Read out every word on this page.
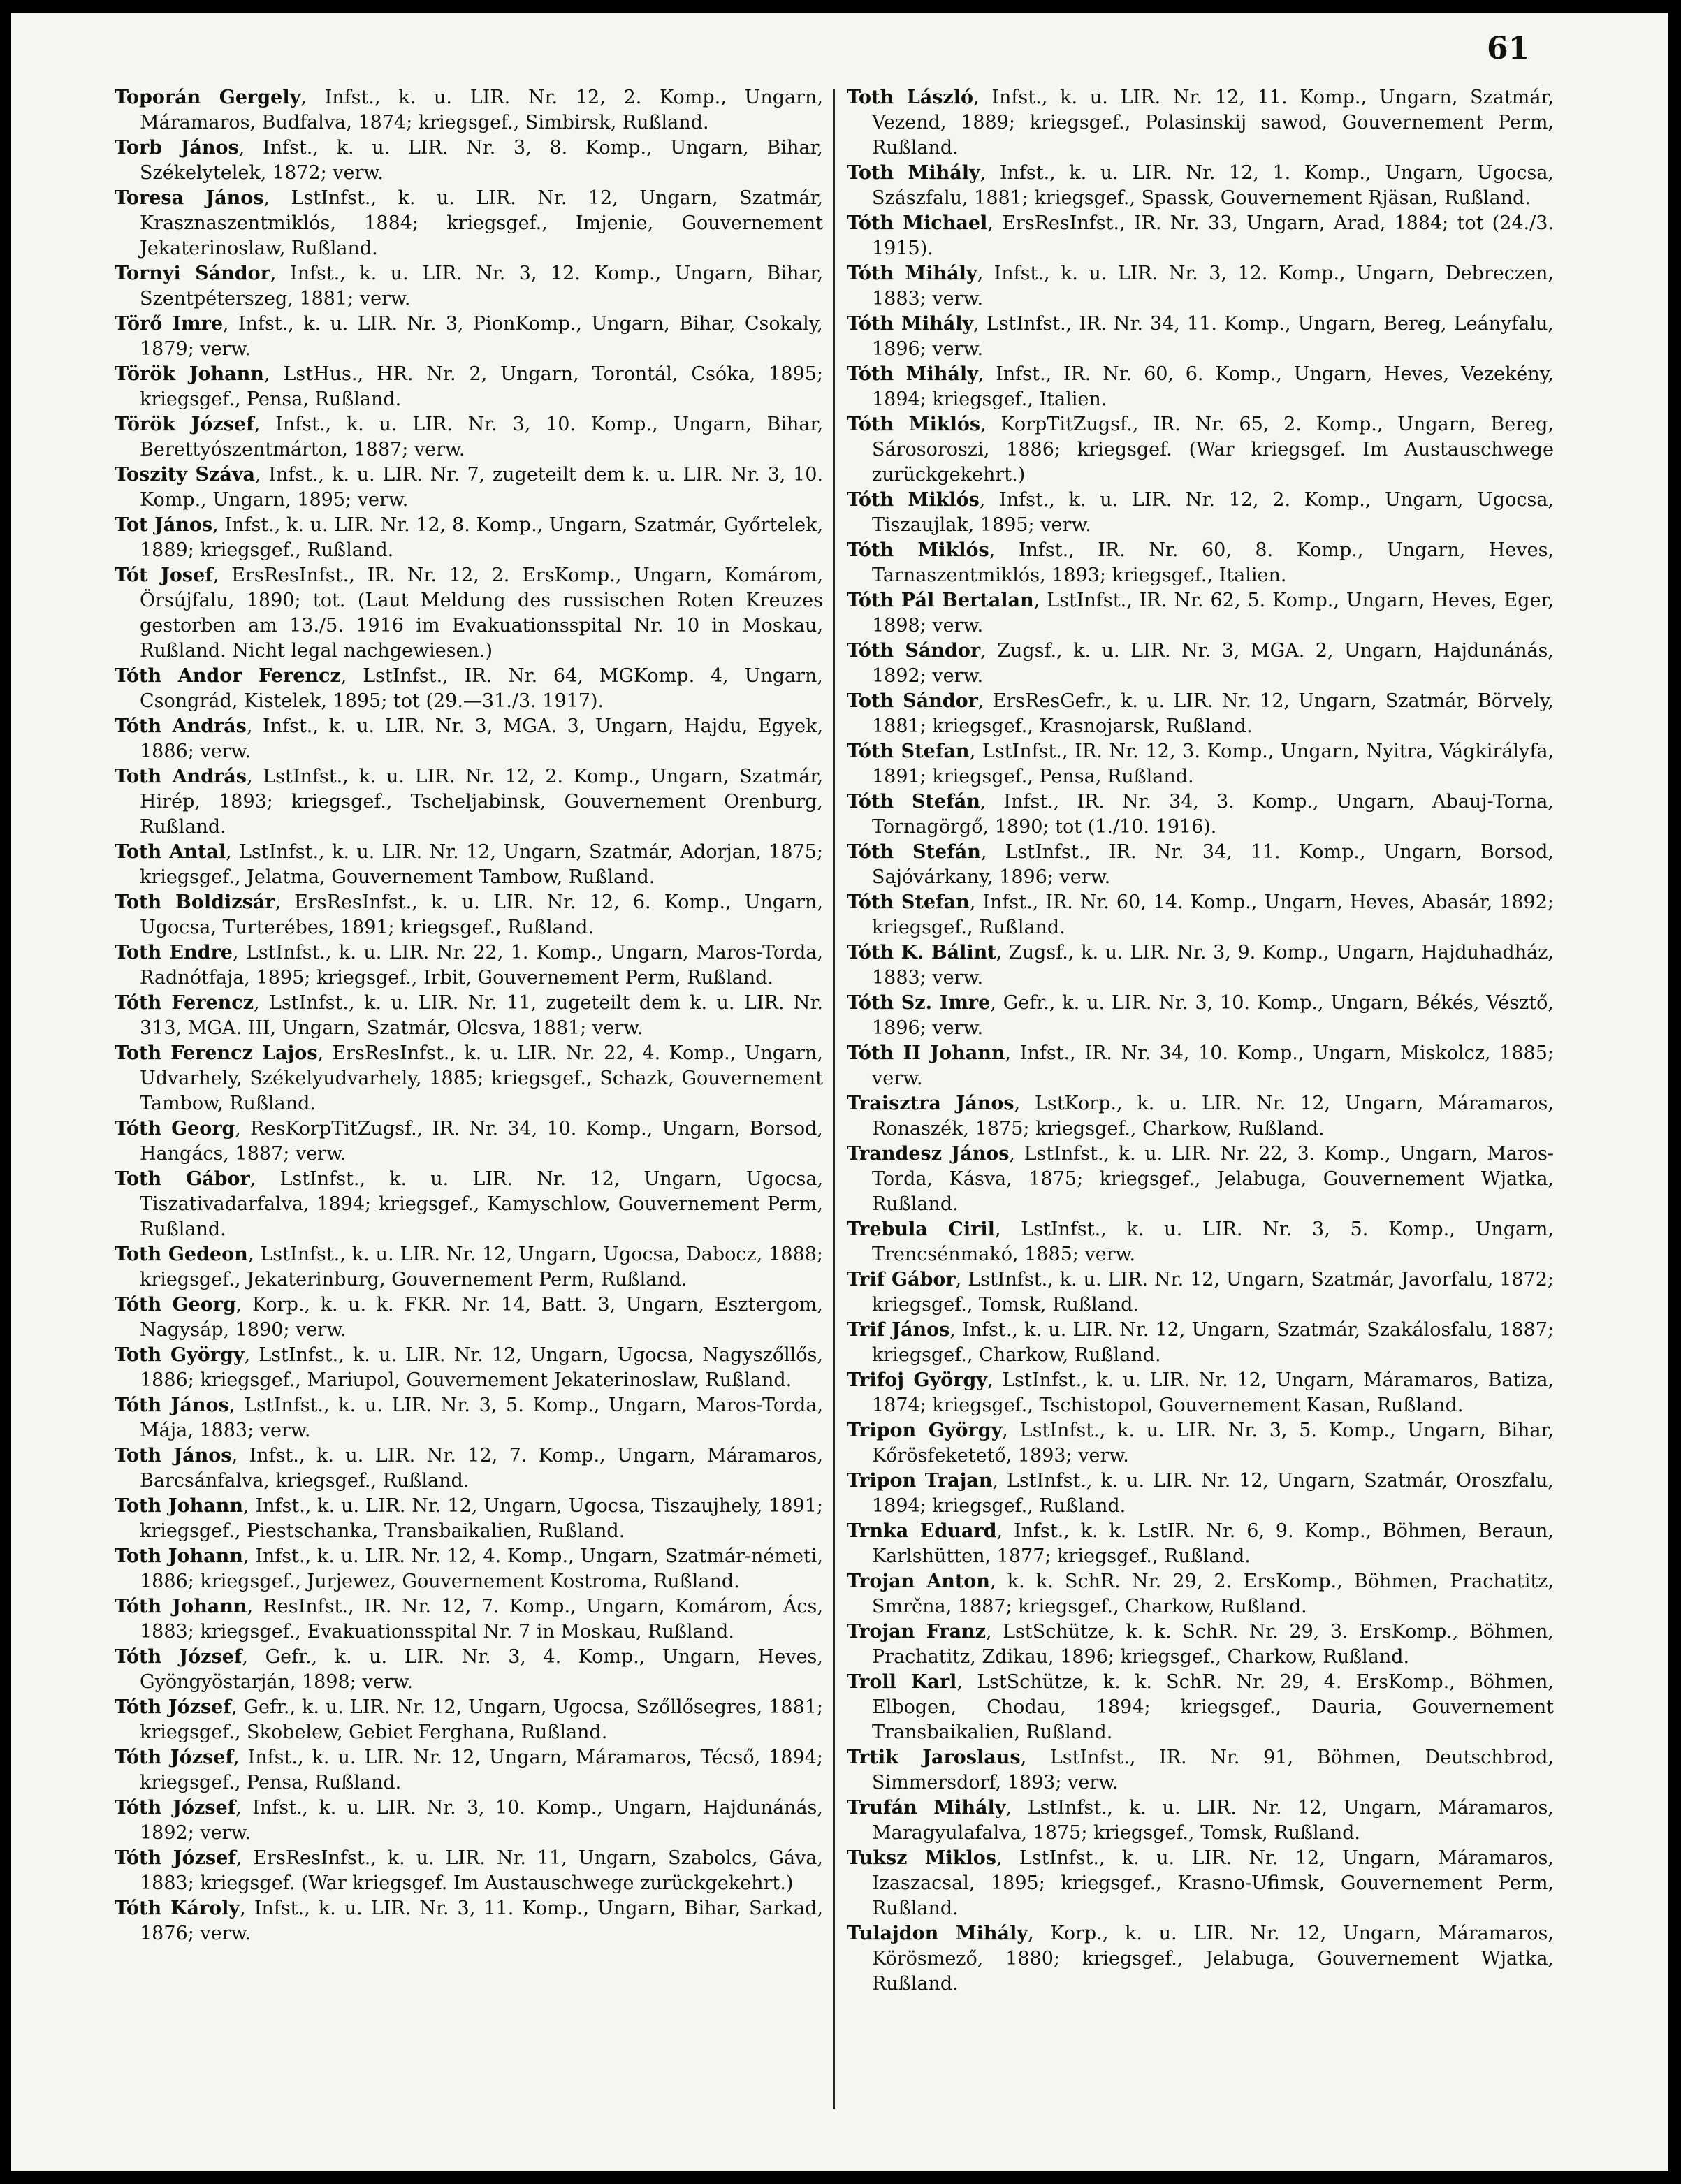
61

Toporán Gergely, Infst., k. u. LIR. Nr. 12, 2. Komp., Ungarn, Máramaros, Budfalva, 1874; kriegsgef., Simbirsk, Rußland.

Torb János, Infst., k. u. LIR. Nr. 3, 8. Komp., Ungarn, Bihar, Székelytelek, 1872; verw.

Toresa János, LstInfst., k. u. LIR. Nr. 12, Ungarn, Szatmár, Krasznaszentmiklós, 1884; kriegsgef., Imjenie, Gouvernement Jekaterinoslaw, Rußland.

Tornyi Sándor, Infst., k. u. LIR. Nr. 3, 12. Komp., Ungarn, Bihar, Szentpéterszeg, 1881; verw.

Törő Imre, Infst., k. u. LIR. Nr. 3, PionKomp., Ungarn, Bihar, Csokaly, 1879; verw.

Török Johann, LstHus., HR. Nr. 2, Ungarn, Torontál, Csóka, 1895; kriegsgef., Pensa, Rußland.

Török József, Infst., k. u. LIR. Nr. 3, 10. Komp., Ungarn, Bihar, Berettyószentmárton, 1887; verw.

Toszity Száva, Infst., k. u. LIR. Nr. 7, zugeteilt dem k. u. LIR. Nr. 3, 10. Komp., Ungarn, 1895; verw.

Tot János, Infst., k. u. LIR. Nr. 12, 8. Komp., Ungarn, Szatmár, Győrtelek, 1889; kriegsgef., Rußland.

Tót Josef, ErsResInfst., IR. Nr. 12, 2. ErsKomp., Ungarn, Komárom, Örsújfalu, 1890; tot. (Laut Meldung des russischen Roten Kreuzes gestorben am 13./5. 1916 im Evakuationsspital Nr. 10 in Moskau, Rußland. Nicht legal nachgewiesen.)

Tóth Andor Ferencz, LstInfst., IR. Nr. 64, MGKomp. 4, Ungarn, Csongrád, Kistelek, 1895; tot (29.—31./3. 1917).

Tóth András, Infst., k. u. LIR. Nr. 3, MGA. 3, Ungarn, Hajdu, Egyek, 1886; verw.

Toth András, LstInfst., k. u. LIR. Nr. 12, 2. Komp., Ungarn, Szatmár, Hirép, 1893; kriegsgef., Tscheljabinsk, Gouvernement Orenburg, Rußland.

Toth Antal, LstInfst., k. u. LIR. Nr. 12, Ungarn, Szatmár, Adorjan, 1875; kriegsgef., Jelatma, Gouvernement Tambow, Rußland.

Toth Boldizsár, ErsResInfst., k. u. LIR. Nr. 12, 6. Komp., Ungarn, Ugocsa, Turterébes, 1891; kriegsgef., Rußland.

Toth Endre, LstInfst., k. u. LIR. Nr. 22, 1. Komp., Ungarn, Maros-Torda, Radnótfaja, 1895; kriegsgef., Irbit, Gouvernement Perm, Rußland.

Tóth Ferencz, LstInfst., k. u. LIR. Nr. 11, zugeteilt dem k. u. LIR. Nr. 313, MGA. III, Ungarn, Szatmár, Olcsva, 1881; verw.

Toth Ferencz Lajos, ErsResInfst., k. u. LIR. Nr. 22, 4. Komp., Ungarn, Udvarhely, Székelyudvarhely, 1885; kriegsgef., Schazk, Gouvernement Tambow, Rußland.

Tóth Georg, ResKorpTitZugsf., IR. Nr. 34, 10. Komp., Ungarn, Borsod, Hangács, 1887; verw.

Toth Gábor, LstInfst., k. u. LIR. Nr. 12, Ungarn, Ugocsa, Tiszativadarfalva, 1894; kriegsgef., Kamyschlow, Gouvernement Perm, Rußland.

Toth Gedeon, LstInfst., k. u. LIR. Nr. 12, Ungarn, Ugocsa, Dabocz, 1888; kriegsgef., Jekaterinburg, Gouvernement Perm, Rußland.

Tóth Georg, Korp., k. u. k. FKR. Nr. 14, Batt. 3, Ungarn, Esztergom, Nagysáp, 1890; verw.

Toth György, LstInfst., k. u. LIR. Nr. 12, Ungarn, Ugocsa, Nagyszőllős, 1886; kriegsgef., Mariupol, Gouvernement Jekaterinoslaw, Rußland.

Tóth János, LstInfst., k. u. LIR. Nr. 3, 5. Komp., Ungarn, Maros-Torda, Mája, 1883; verw.

Toth János, Infst., k. u. LIR. Nr. 12, 7. Komp., Ungarn, Máramaros, Barcsánfalva, kriegsgef., Rußland.

Toth Johann, Infst., k. u. LIR. Nr. 12, Ungarn, Ugocsa, Tiszaujhely, 1891; kriegsgef., Piestschanka, Transbaikalien, Rußland.

Toth Johann, Infst., k. u. LIR. Nr. 12, 4. Komp., Ungarn, Szatmár-németi, 1886; kriegsgef., Jurjewez, Gouvernement Kostroma, Rußland.

Tóth Johann, ResInfst., IR. Nr. 12, 7. Komp., Ungarn, Komárom, Ács, 1883; kriegsgef., Evakuationsspital Nr. 7 in Moskau, Rußland.

Tóth József, Gefr., k. u. LIR. Nr. 3, 4. Komp., Ungarn, Heves, Gyöngyöstarján, 1898; verw.

Tóth József, Gefr., k. u. LIR. Nr. 12, Ungarn, Ugocsa, Szőllősegres, 1881; kriegsgef., Skobelew, Gebiet Ferghana, Rußland.

Tóth József, Infst., k. u. LIR. Nr. 12, Ungarn, Máramaros, Técső, 1894; kriegsgef., Pensa, Rußland.

Tóth József, Infst., k. u. LIR. Nr. 3, 10. Komp., Ungarn, Hajdunánás, 1892; verw.

Tóth József, ErsResInfst., k. u. LIR. Nr. 11, Ungarn, Szabolcs, Gáva, 1883; kriegsgef. (War kriegsgef. Im Austauschwege zurückgekehrt.)

Tóth Károly, Infst., k. u. LIR. Nr. 3, 11. Komp., Ungarn, Bihar, Sarkad, 1876; verw.

Toth László, Infst., k. u. LIR. Nr. 12, 11. Komp., Ungarn, Szatmár, Vezend, 1889; kriegsgef., Polasinskij sawod, Gouvernement Perm, Rußland.

Toth Mihály, Infst., k. u. LIR. Nr. 12, 1. Komp., Ungarn, Ugocsa, Szászfalu, 1881; kriegsgef., Spassk, Gouvernement Rjäsan, Rußland.

Tóth Michael, ErsResInfst., IR. Nr. 33, Ungarn, Arad, 1884; tot (24./3. 1915).

Tóth Mihály, Infst., k. u. LIR. Nr. 3, 12. Komp., Ungarn, Debreczen, 1883; verw.

Tóth Mihály, LstInfst., IR. Nr. 34, 11. Komp., Ungarn, Bereg, Leányfalu, 1896; verw.

Tóth Mihály, Infst., IR. Nr. 60, 6. Komp., Ungarn, Heves, Vezekény, 1894; kriegsgef., Italien.

Tóth Miklós, KorpTitZugsf., IR. Nr. 65, 2. Komp., Ungarn, Bereg, Sárosoroszi, 1886; kriegsgef. (War kriegsgef. Im Austauschwege zurückgekehrt.)

Tóth Miklós, Infst., k. u. LIR. Nr. 12, 2. Komp., Ungarn, Ugocsa, Tiszaujlak, 1895; verw.

Tóth Miklós, Infst., IR. Nr. 60, 8. Komp., Ungarn, Heves, Tarnaszentmiklós, 1893; kriegsgef., Italien.

Tóth Pál Bertalan, LstInfst., IR. Nr. 62, 5. Komp., Ungarn, Heves, Eger, 1898; verw.

Tóth Sándor, Zugsf., k. u. LIR. Nr. 3, MGA. 2, Ungarn, Hajdunánás, 1892; verw.

Toth Sándor, ErsResGefr., k. u. LIR. Nr. 12, Ungarn, Szatmár, Börvely, 1881; kriegsgef., Krasnojarsk, Rußland.

Tóth Stefan, LstInfst., IR. Nr. 12, 3. Komp., Ungarn, Nyitra, Vágkirályfa, 1891; kriegsgef., Pensa, Rußland.

Tóth Stefán, Infst., IR. Nr. 34, 3. Komp., Ungarn, Abauj-Torna, Tornagörgő, 1890; tot (1./10. 1916).

Tóth Stefán, LstInfst., IR. Nr. 34, 11. Komp., Ungarn, Borsod, Sajóvárkany, 1896; verw.

Tóth Stefan, Infst., IR. Nr. 60, 14. Komp., Ungarn, Heves, Abasár, 1892; kriegsgef., Rußland.

Tóth K. Bálint, Zugsf., k. u. LIR. Nr. 3, 9. Komp., Ungarn, Hajduhadház, 1883; verw.

Tóth Sz. Imre, Gefr., k. u. LIR. Nr. 3, 10. Komp., Ungarn, Békés, Vésztő, 1896; verw.

Tóth II Johann, Infst., IR. Nr. 34, 10. Komp., Ungarn, Miskolcz, 1885; verw.

Traisztra János, LstKorp., k. u. LIR. Nr. 12, Ungarn, Máramaros, Ronaszék, 1875; kriegsgef., Charkow, Rußland.

Trandesz János, LstInfst., k. u. LIR. Nr. 22, 3. Komp., Ungarn, Maros-Torda, Kásva, 1875; kriegsgef., Jelabuga, Gouvernement Wjatka, Rußland.

Trebula Ciril, LstInfst., k. u. LIR. Nr. 3, 5. Komp., Ungarn, Trencsénmakó, 1885; verw.

Trif Gábor, LstInfst., k. u. LIR. Nr. 12, Ungarn, Szatmár, Javorfalu, 1872; kriegsgef., Tomsk, Rußland.

Trif János, Infst., k. u. LIR. Nr. 12, Ungarn, Szatmár, Szakálosfalu, 1887; kriegsgef., Charkow, Rußland.

Trifoj György, LstInfst., k. u. LIR. Nr. 12, Ungarn, Máramaros, Batiza, 1874; kriegsgef., Tschistopol, Gouvernement Kasan, Rußland.

Tripon György, LstInfst., k. u. LIR. Nr. 3, 5. Komp., Ungarn, Bihar, Kőrösfeketető, 1893; verw.

Tripon Trajan, LstInfst., k. u. LIR. Nr. 12, Ungarn, Szatmár, Oroszfalu, 1894; kriegsgef., Rußland.

Trnka Eduard, Infst., k. k. LstIR. Nr. 6, 9. Komp., Böhmen, Beraun, Karlshütten, 1877; kriegsgef., Rußland.

Trojan Anton, k. k. SchR. Nr. 29, 2. ErsKomp., Böhmen, Prachatitz, Smrčna, 1887; kriegsgef., Charkow, Rußland.

Trojan Franz, LstSchütze, k. k. SchR. Nr. 29, 3. ErsKomp., Böhmen, Prachatitz, Zdikau, 1896; kriegsgef., Charkow, Rußland.

Troll Karl, LstSchütze, k. k. SchR. Nr. 29, 4. ErsKomp., Böhmen, Elbogen, Chodau, 1894; kriegsgef., Dauria, Gouvernement Transbaikalien, Rußland.

Trtik Jaroslaus, LstInfst., IR. Nr. 91, Böhmen, Deutschbrod, Simmersdorf, 1893; verw.

Trufán Mihály, LstInfst., k. u. LIR. Nr. 12, Ungarn, Máramaros, Maragyulafalva, 1875; kriegsgef., Tomsk, Rußland.

Tuksz Miklos, LstInfst., k. u. LIR. Nr. 12, Ungarn, Máramaros, Izaszacsal, 1895; kriegsgef., Krasno-Ufimsk, Gouvernement Perm, Rußland.

Tulajdon Mihály, Korp., k. u. LIR. Nr. 12, Ungarn, Máramaros, Körösmező, 1880; kriegsgef., Jelabuga, Gouvernement Wjatka, Rußland.
